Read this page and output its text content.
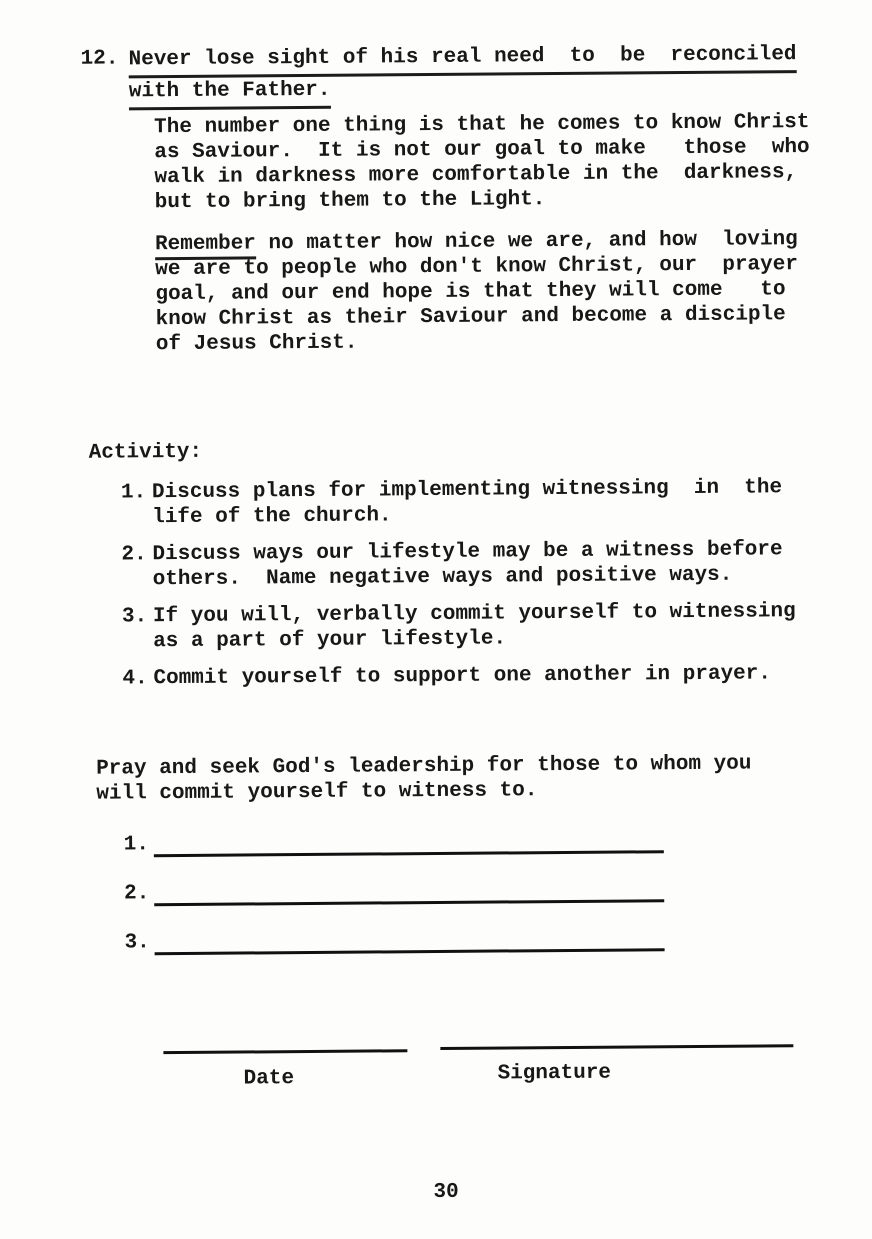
12. Never lose sight of his real need  to  be  reconciled
with the Father.
The number one thing is that he comes to know Christ
as Saviour.  It is not our goal to make   those  who
walk in darkness more comfortable in the  darkness,
but to bring them to the Light.
Remember no matter how nice we are, and how  loving
we are to people who don't know Christ, our  prayer
goal, and our end hope is that they will come   to
know Christ as their Saviour and become a disciple
of Jesus Christ.
Activity:
1. Discuss plans for implementing witnessing  in  the
life of the church.
2. Discuss ways our lifestyle may be a witness before
others.  Name negative ways and positive ways.
3. If you will, verbally commit yourself to witnessing
as a part of your lifestyle.
4. Commit yourself to support one another in prayer.
Pray and seek God's leadership for those to whom you
will commit yourself to witness to.
1.
2.
3.
Date	Signature
30
